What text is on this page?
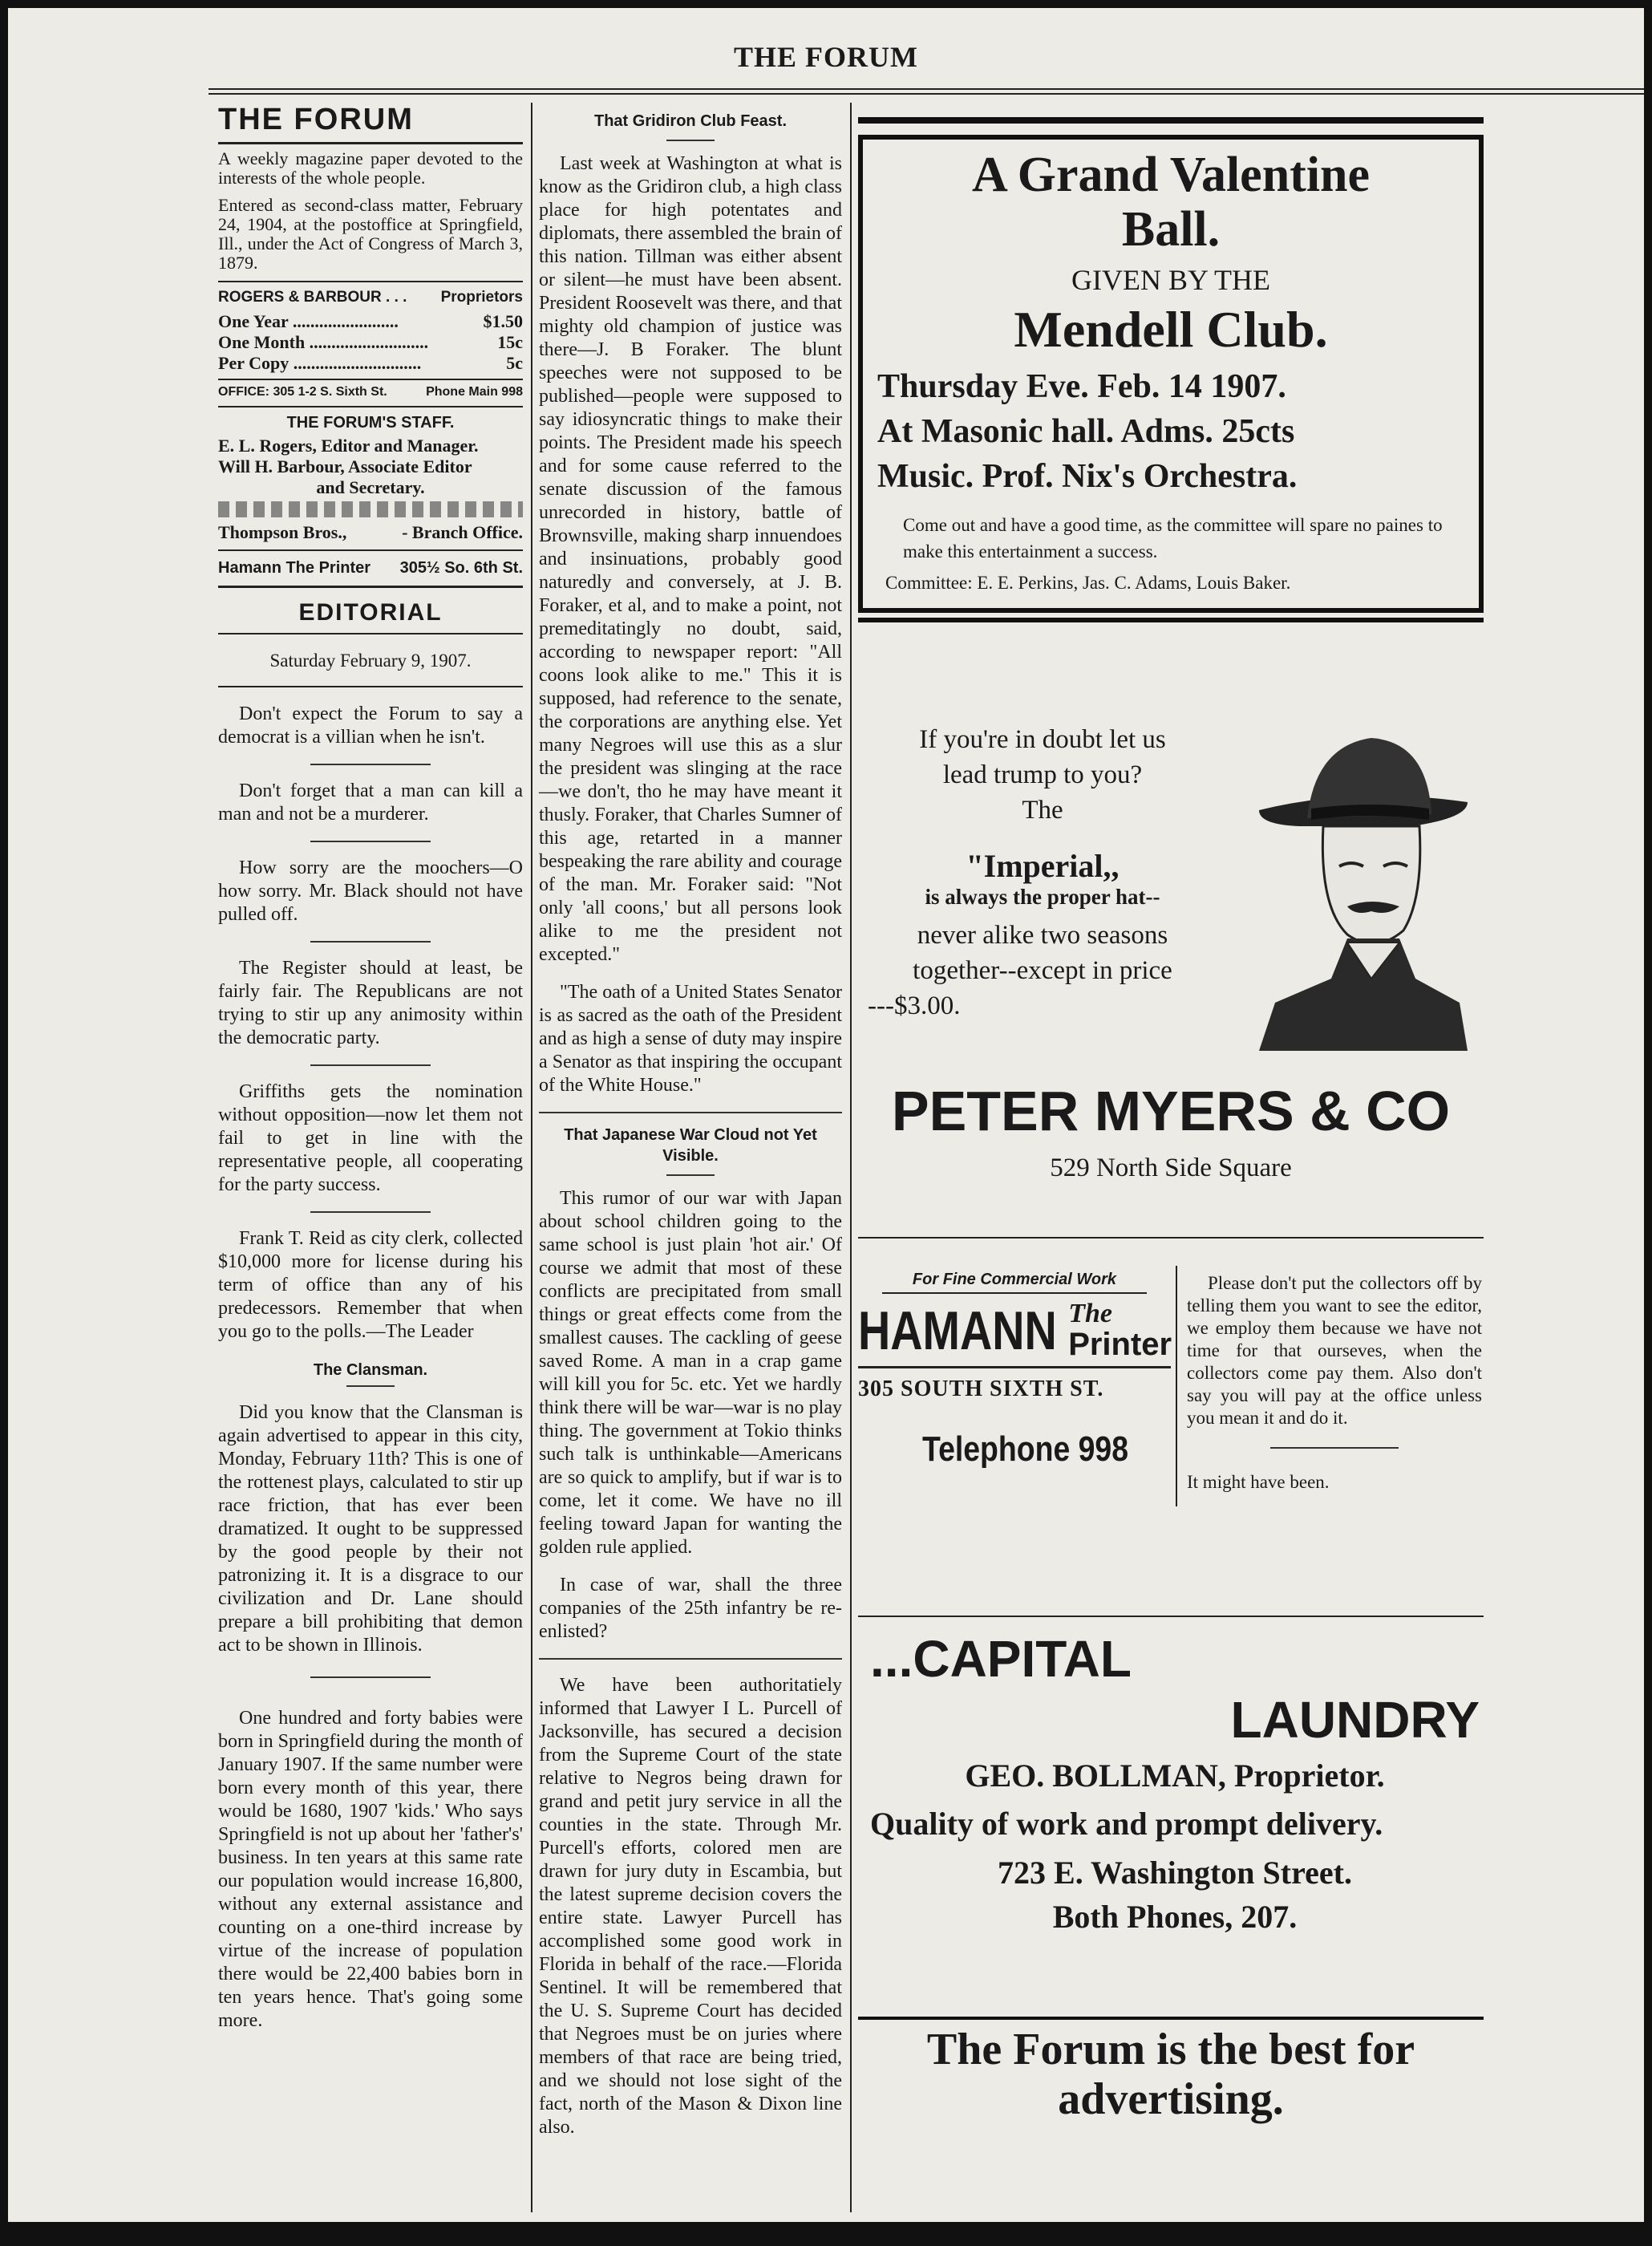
THE FORUM
THE FORUM
A weekly magazine paper devoted to the interests of the whole people.
Entered as second-class matter, February 24, 1904, at the postoffice at Springfield, Ill., under the Act of Congress of March 3, 1879.
ROGERS & BARBOUR . . . Proprietors
One Year ........................	$1.50
One Month ...........................	15c
Per Copy .............................	5c
OFFICE: 305 1-2 S. Sixth St.	Phone Main 998
THE FORUM'S STAFF.
E. L. Rogers, Editor and Manager.
Will H. Barbour, Associate Editor
and Secretary.
Thompson Bros.,	- Branch Office.
Hamann The Printer 305½ So. 6th St.
EDITORIAL
Saturday February 9, 1907.

Don't expect the Forum to say a democrat is a villian when he isn't.

Don't forget that a man can kill a man and not be a murderer.

How sorry are the moochers—O how sorry. Mr. Black should not have pulled off.

The Register should at least, be fairly fair. The Republicans are not trying to stir up any animosity within the democratic party.

Griffiths gets the nomination without opposition—now let them not fail to get in line with the representative people, all cooperating for the party success.

Frank T. Reid as city clerk, collected $10,000 more for license during his term of office than any of his predecessors. Remember that when you go to the polls.—The Leader

The Clansman.

Did you know that the Clansman is again advertised to appear in this city, Monday, February 11th? This is one of the rottenest plays, calculated to stir up race friction, that has ever been dramatized. It ought to be suppressed by the good people by their not patronizing it. It is a disgrace to our civilization and Dr. Lane should prepare a bill prohibiting that demon act to be shown in Illinois.

One hundred and forty babies were born in Springfield during the month of January 1907. If the same number were born every month of this year, there would be 1680, 1907 'kids.' Who says Springfield is not up about her 'father's' business. In ten years at this same rate our population would increase 16,800, without any external assistance and counting on a one-third increase by virtue of the increase of population there would be 22,400 babies born in ten years hence. That's going some more.

That Gridiron Club Feast.

Last week at Washington at what is know as the Gridiron club, a high class place for high potentates and diplomats, there assembled the brain of this nation. Tillman was either absent or silent—he must have been absent. President Roosevelt was there, and that mighty old champion of justice was there—J. B Foraker. The blunt speeches were not supposed to be published—people were supposed to say idiosyncratic things to make their points. The President made his speech and for some cause referred to the senate discussion of the famous unrecorded in history, battle of Brownsville, making sharp innuendoes and insinuations, probably good naturedly and conversely, at J. B. Foraker, et al, and to make a point, not premeditatingly no doubt, said, according to newspaper report: "All coons look alike to me." This it is supposed, had reference to the senate, the corporations are anything else. Yet many Negroes will use this as a slur the president was slinging at the race—we don't, tho he may have meant it thusly. Foraker, that Charles Sumner of this age, retarted in a manner bespeaking the rare ability and courage of the man. Mr. Foraker said: "Not only 'all coons,' but all persons look alike to me the president not excepted."

"The oath of a United States Senator is as sacred as the oath of the President and as high a sense of duty may inspire a Senator as that inspiring the occupant of the White House."

That Japanese War Cloud not Yet Visible.

This rumor of our war with Japan about school children going to the same school is just plain 'hot air.' Of course we admit that most of these conflicts are precipitated from small things or great effects come from the smallest causes. The cackling of geese saved Rome. A man in a crap game will kill you for 5c. etc. Yet we hardly think there will be war—war is no play thing. The government at Tokio thinks such talk is unthinkable—Americans are so quick to amplify, but if war is to come, let it come. We have no ill feeling toward Japan for wanting the golden rule applied.

In case of war, shall the three companies of the 25th infantry be re-enlisted?

We have been authoritatiely informed that Lawyer I L. Purcell of Jacksonville, has secured a decision from the Supreme Court of the state relative to Negros being drawn for grand and petit jury service in all the counties in the state. Through Mr. Purcell's efforts, colored men are drawn for jury duty in Escambia, but the latest supreme decision covers the entire state. Lawyer Purcell has accomplished some good work in Florida in behalf of the race.—Florida Sentinel. It will be remembered that the U. S. Supreme Court has decided that Negroes must be on juries where members of that race are being tried, and we should not lose sight of the fact, north of the Mason & Dixon line also.

A Grand Valentine
Ball.
GIVEN BY THE
Mendell Club.
Thursday Eve. Feb. 14 1907.
At Masonic hall. Adms. 25cts
Music. Prof. Nix's Orchestra.
Come out and have a good time, as the committee will spare no paines to make this entertainment a success.
Committee: E. E. Perkins, Jas. C. Adams, Louis Baker.
If you're in doubt let us
lead trump to you?
The
"Imperial,,
is always the proper hat--
never alike two seasons
together--except in price
---$3.00.
PETER MYERS & CO
529 North Side Square
For Fine Commercial Work
HAMANN The
Printer
305 SOUTH SIXTH ST.
Telephone 998

Please don't put the collectors off by telling them you want to see the editor, we employ them because we have not time for that ourseves, when the collectors come pay them. Also don't say you will pay at the office unless you mean it and do it.

It might have been.
...CAPITAL
LAUNDRY
GEO. BOLLMAN, Proprietor.
Quality of work and prompt delivery.
723 E. Washington Street.
Both Phones, 207.
The Forum is the best for advertising.
